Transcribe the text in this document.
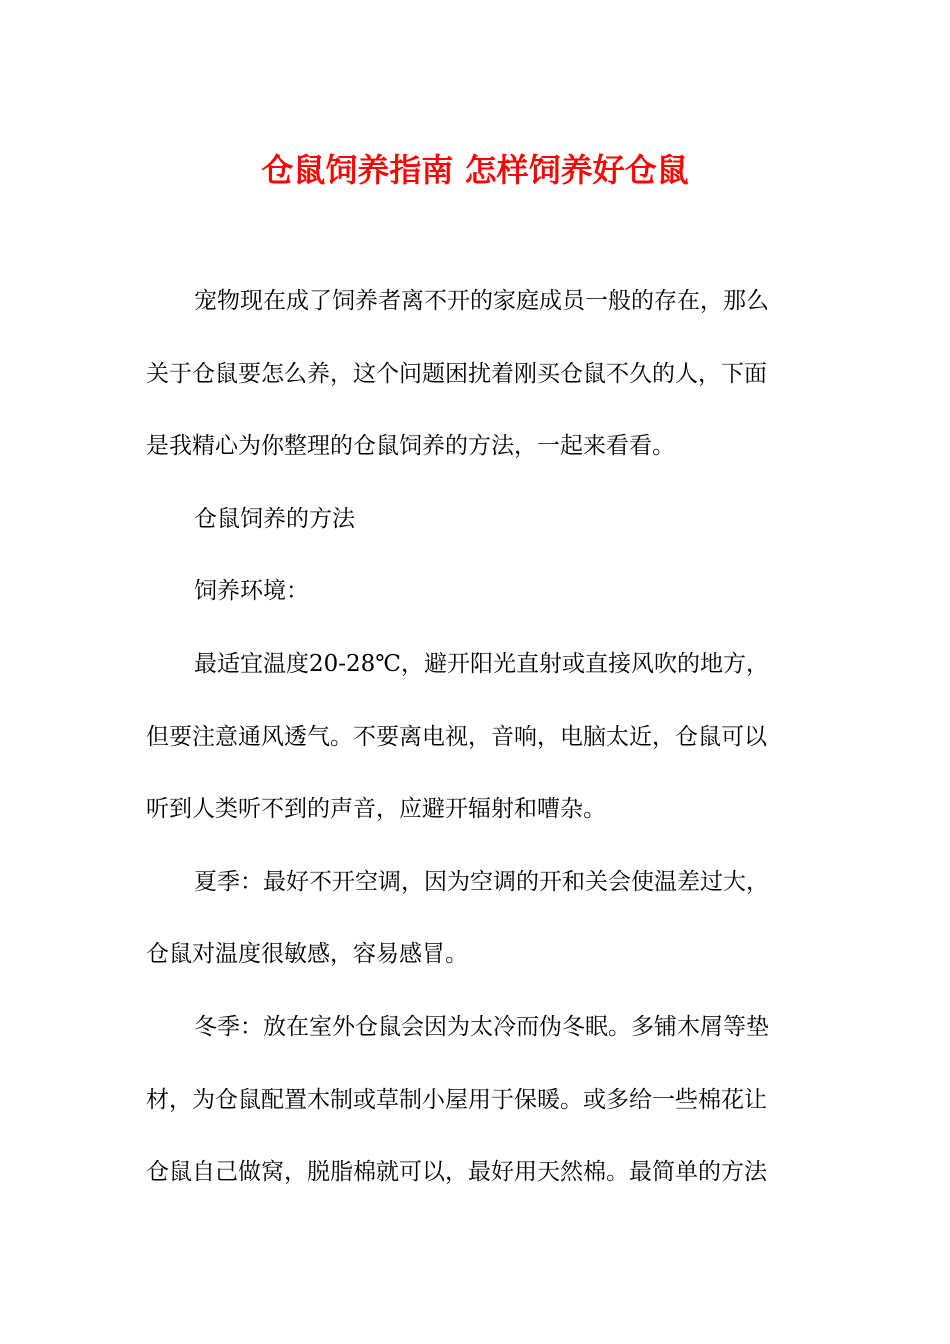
仓鼠饲养指南 怎样饲养好仓鼠
宠物现在成了饲养者离不开的家庭成员一般的存在，那么
关于仓鼠要怎么养，这个问题困扰着刚买仓鼠不久的人，下面
是我精心为你整理的仓鼠饲养的方法，一起来看看。
仓鼠饲养的方法
饲养环境：
最适宜温度20-28℃，避开阳光直射或直接风吹的地方，
但要注意通风透气。不要离电视，音响，电脑太近，仓鼠可以
听到人类听不到的声音，应避开辐射和嘈杂。
夏季：最好不开空调，因为空调的开和关会使温差过大，
仓鼠对温度很敏感，容易感冒。
冬季：放在室外仓鼠会因为太冷而伪冬眠。多铺木屑等垫
材，为仓鼠配置木制或草制小屋用于保暖。或多给一些棉花让
仓鼠自己做窝，脱脂棉就可以，最好用天然棉。最简单的方法
